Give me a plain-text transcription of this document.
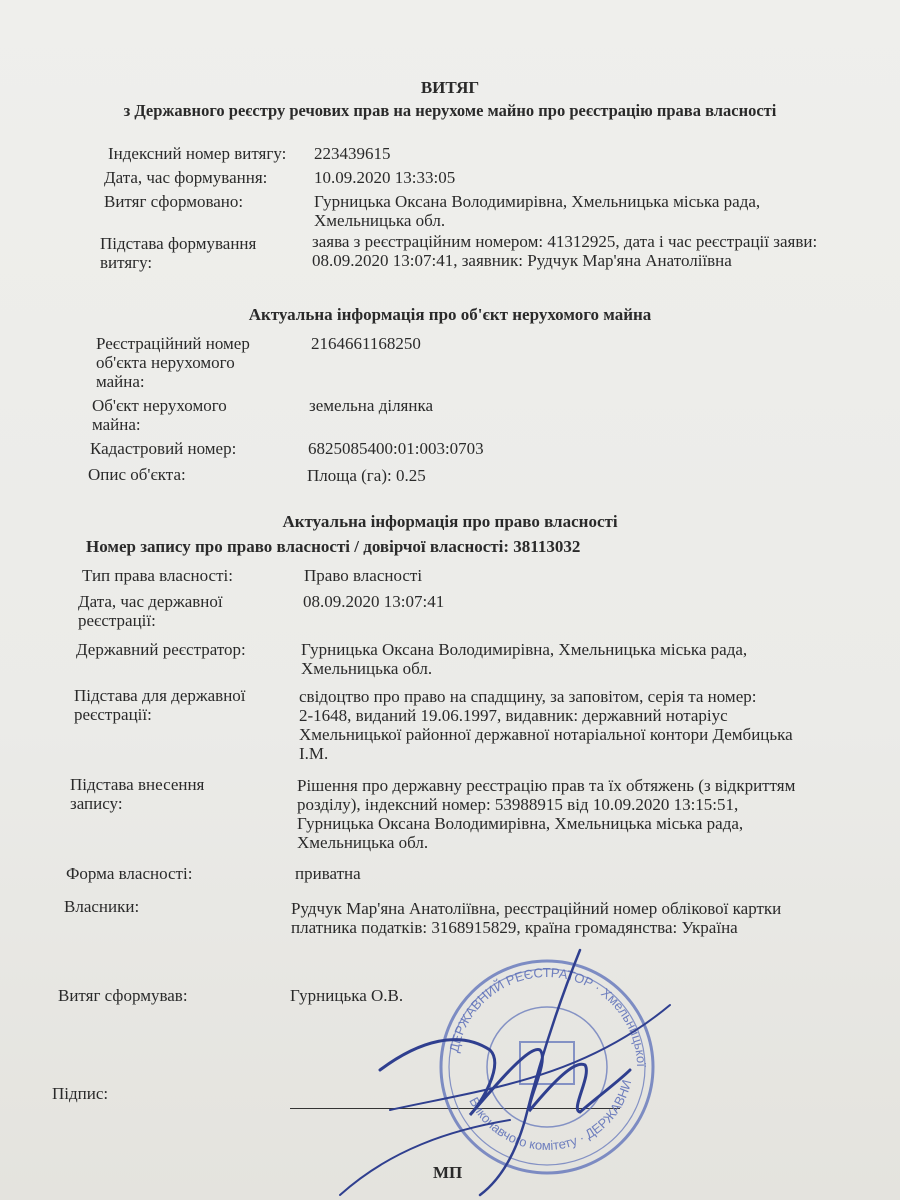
ВИТЯГ
з Державного реєстру речових прав на нерухоме майно про реєстрацію права власності
Індексний номер витягу:	223439615
Дата, час формування:	10.09.2020 13:33:05
Витяг сформовано:	Гурницька Оксана Володимирівна, Хмельницька міська рада,
Хмельницька обл.
Підстава формування витягу:
заява з реєстраційним номером: 41312925, дата і час реєстрації заяви:
08.09.2020 13:07:41, заявник: Рудчук Мар'яна Анатоліївна
Актуальна інформація про об'єкт нерухомого майна
Реєстраційний номер об'єкта нерухомого майна:
2164661168250
Об'єкт нерухомого майна:
земельна ділянка
Кадастровий номер:	6825085400:01:003:0703
Опис об'єкта:	Площа (га): 0.25
Актуальна інформація про право власності
Номер запису про право власності / довірчої власності: 38113032
Тип права власності:	Право власності
Дата, час державної реєстрації:
08.09.2020 13:07:41
Державний реєстратор:	Гурницька Оксана Володимирівна, Хмельницька міська рада,
Хмельницька обл.
Підстава для державної реєстрації:
свідоцтво про право на спадщину, за заповітом, серія та номер:
2-1648, виданий 19.06.1997, видавник: державний нотаріус
Хмельницької районної державної нотаріальної контори Дембицька
І.М.
Підстава внесення запису:
Рішення про державну реєстрацію прав та їх обтяжень (з відкриттям
розділу), індексний номер: 53988915 від 10.09.2020 13:15:51,
Гурницька Оксана Володимирівна, Хмельницька міська рада,
Хмельницька обл.
Форма власності:	приватна
Власники:	Рудчук Мар'яна Анатоліївна, реєстраційний номер облікової картки
платника податків: 3168915829, країна громадянства: Україна
Витяг сформував:	Гурницька О.В.
Підпис:
МП
ДЕРЖАВНИЙ РЕЄСТРАТОР · Хмельницької
Виконавчого комітету · ДЕРЖАВНИ
